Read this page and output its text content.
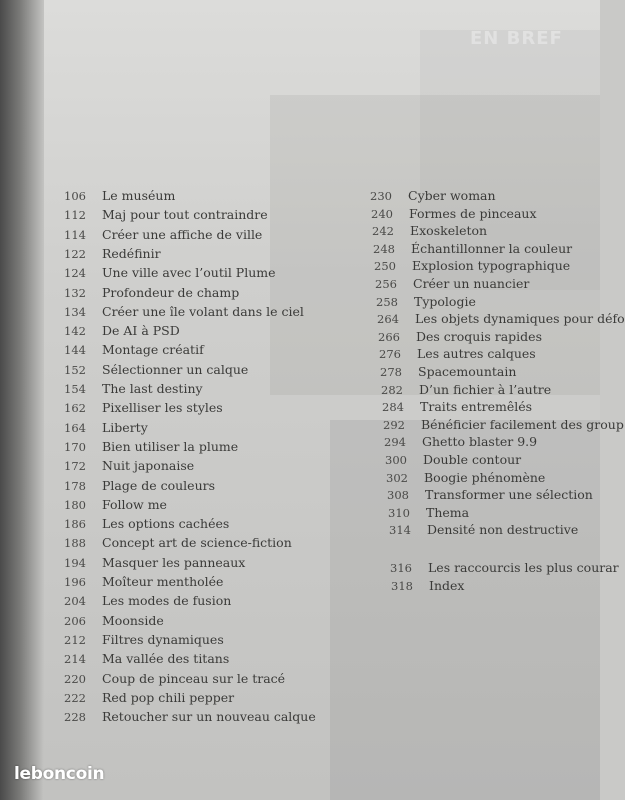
EN BREF
106 Le muséum
112 Maj pour tout contraindre
114 Créer une affiche de ville
122 Redéfinir
124 Une ville avec l’outil Plume
132 Profondeur de champ
134 Créer une île volant dans le ciel
142 De AI à PSD
144 Montage créatif
152 Sélectionner un calque
154 The last destiny
162 Pixelliser les styles
164 Liberty
170 Bien utiliser la plume
172 Nuit japonaise
178 Plage de couleurs
180 Follow me
186 Les options cachées
188 Concept art de science-fiction
194 Masquer les panneaux
196 Moîteur mentholée
204 Les modes de fusion
206 Moonside
212 Filtres dynamiques
214 Ma vallée des titans
220 Coup de pinceau sur le tracé
222 Red pop chili pepper
228 Retoucher sur un nouveau calque
230 Cyber woman
240 Formes de pinceaux
242 Exoskeleton
248 Échantillonner la couleur
250 Explosion typographique
256 Créer un nuancier
258 Typologie
264 Les objets dynamiques pour défo
266 Des croquis rapides
276 Les autres calques
278 Spacemountain
282 D’un fichier à l’autre
284 Traits entremêlés
292 Bénéficier facilement des group
294 Ghetto blaster 9.9
300 Double contour
302 Boogie phénomène
308 Transformer une sélection
310 Thema
314 Densité non destructive
316 Les raccourcis les plus courar
318 Index
leboncoin
